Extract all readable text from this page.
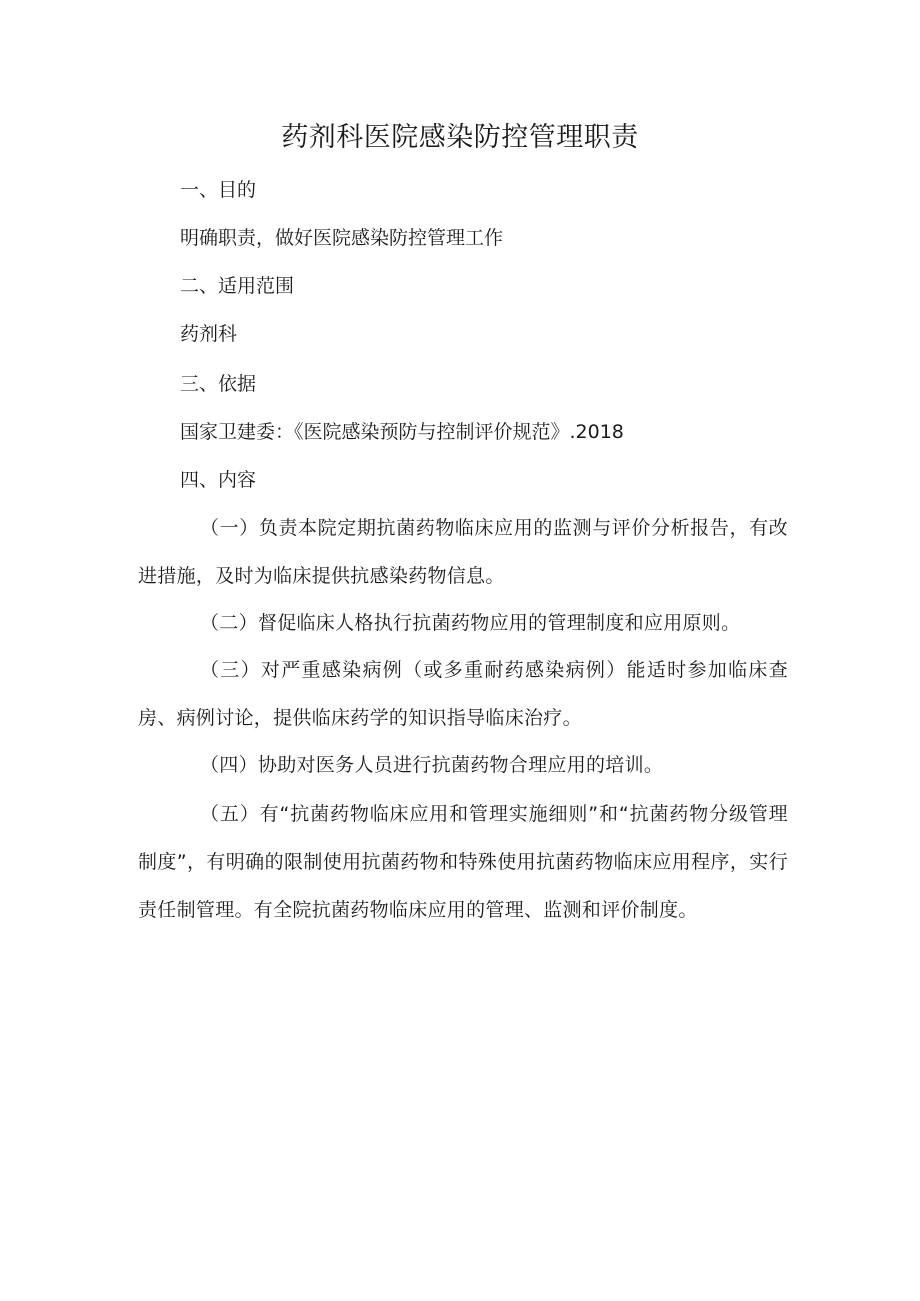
药剂科医院感染防控管理职责
一、目的
明确职责，做好医院感染防控管理工作
二、适用范围
药剂科
三、依据
国家卫建委：《医院感染预防与控制评价规范》.2018
四、内容
（一）负责本院定期抗菌药物临床应用的监测与评价分析报告，有改进措施，及时为临床提供抗感染药物信息。
（二）督促临床人格执行抗菌药物应用的管理制度和应用原则。
（三）对严重感染病例（或多重耐药感染病例）能适时参加临床查房、病例讨论，提供临床药学的知识指导临床治疗。
（四）协助对医务人员进行抗菌药物合理应用的培训。
（五）有“抗菌药物临床应用和管理实施细则”和“抗菌药物分级管理制度”，有明确的限制使用抗菌药物和特殊使用抗菌药物临床应用程序，实行责任制管理。有全院抗菌药物临床应用的管理、监测和评价制度。
